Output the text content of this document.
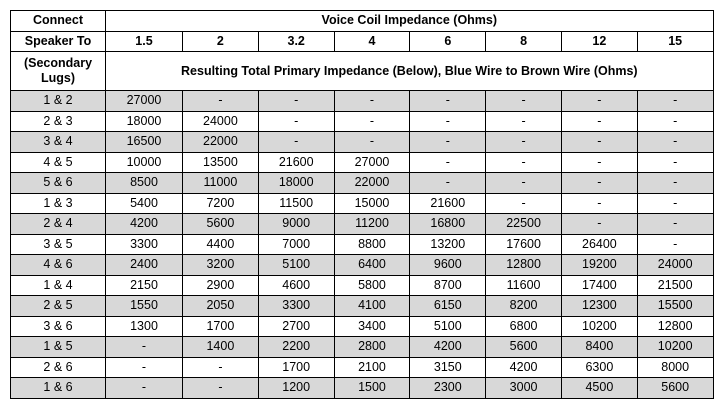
Connect	Voice Coil Impedance (Ohms)							
Speaker To	1.5	2	3.2	4	6	8	12	15
(Secondary Lugs)	Resulting Total Primary Impedance (Below), Blue Wire to Brown Wire (Ohms)							
1 & 2	27000	-	-	-	-	-	-	-
2 & 3	18000	24000	-	-	-	-	-	-
3 & 4	16500	22000	-	-	-	-	-	-
4 & 5	10000	13500	21600	27000	-	-	-	-
5 & 6	8500	11000	18000	22000	-	-	-	-
1 & 3	5400	7200	11500	15000	21600	-	-	-
2 & 4	4200	5600	9000	11200	16800	22500	-	-
3 & 5	3300	4400	7000	8800	13200	17600	26400	-
4 & 6	2400	3200	5100	6400	9600	12800	19200	24000
1 & 4	2150	2900	4600	5800	8700	11600	17400	21500
2 & 5	1550	2050	3300	4100	6150	8200	12300	15500
3 & 6	1300	1700	2700	3400	5100	6800	10200	12800
1 & 5	-	1400	2200	2800	4200	5600	8400	10200
2 & 6	-	-	1700	2100	3150	4200	6300	8000
1 & 6	-	-	1200	1500	2300	3000	4500	5600
